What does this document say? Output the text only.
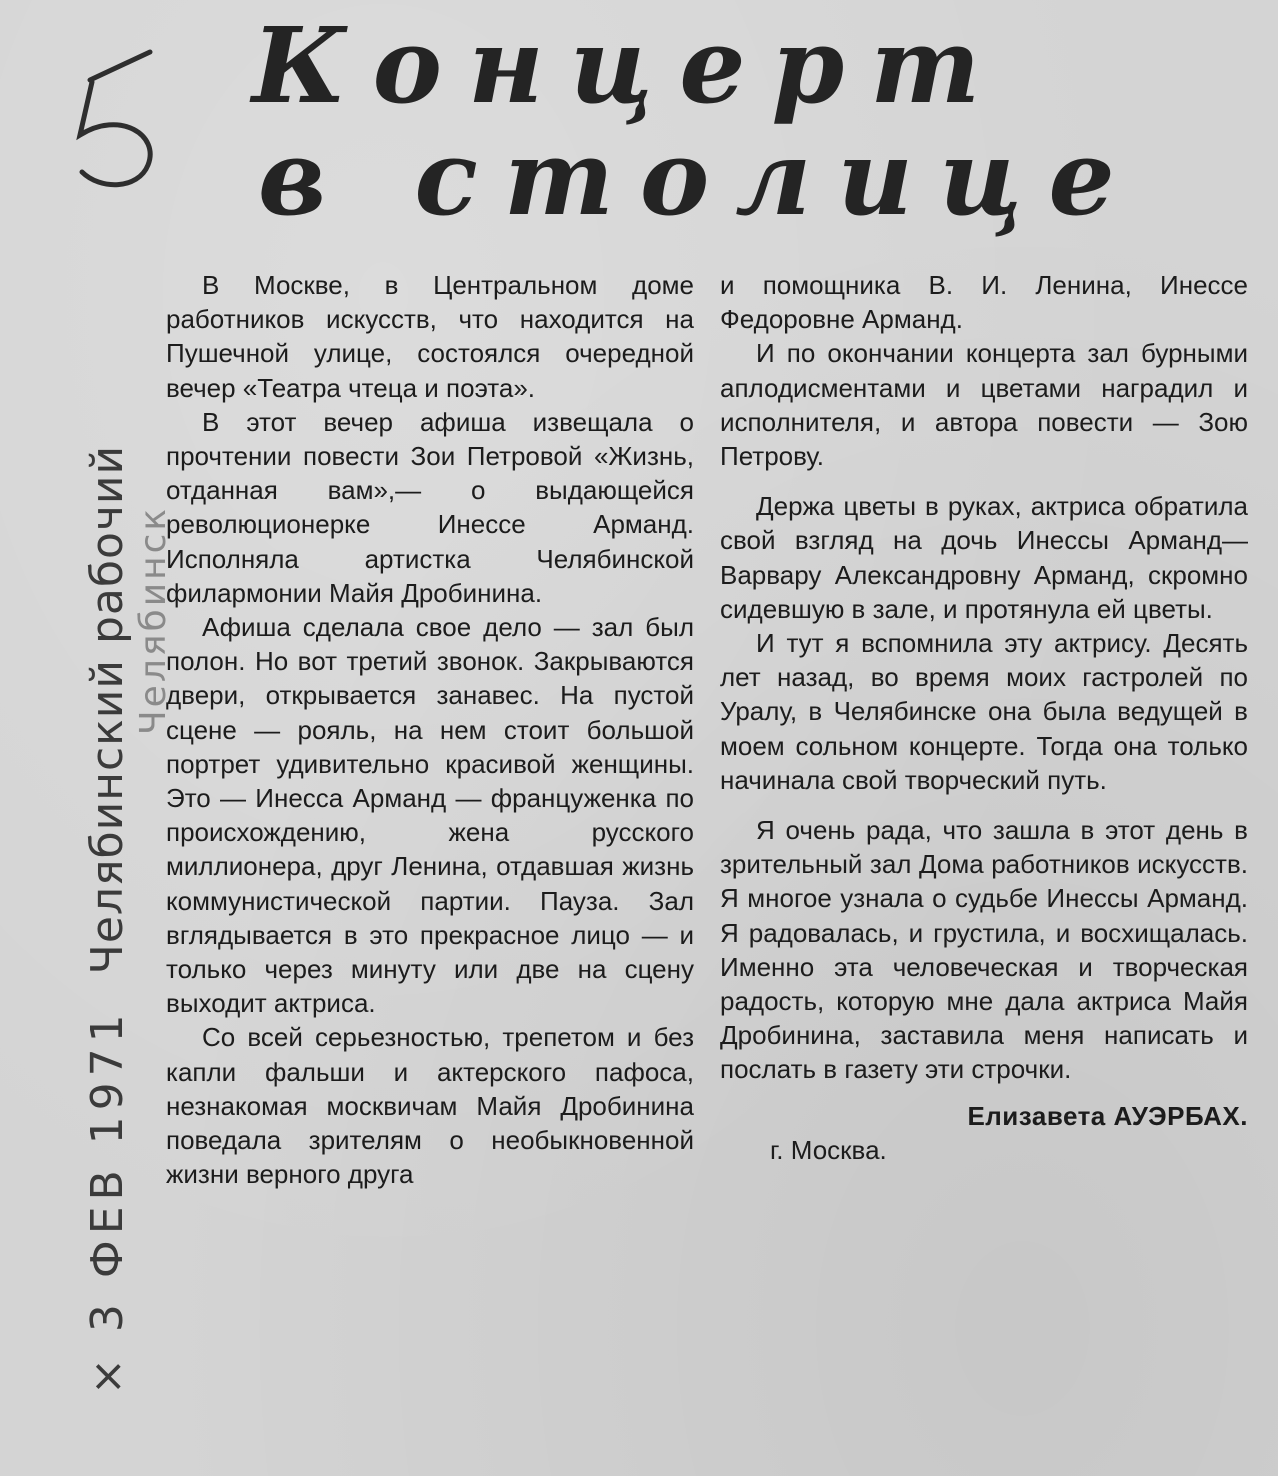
× 3 ФЕВ 1971
Челябинский рабочий Челябинск
Концерт
в столице

В Москве, в Центральном доме работников искусств, что находится на Пушечной улице, состоялся очередной вечер «Театра чтеца и поэта».

В этот вечер афиша извещала о прочтении повести Зои Петровой «Жизнь, отданная вам»,— о выдающейся революционерке Инессе Арманд. Исполняла артистка Челябинской филармонии Майя Дробинина.

Афиша сделала свое дело — зал был полон. Но вот третий звонок. Закрываются двери, открывается занавес. На пустой сцене — рояль, на нем стоит большой портрет удивительно красивой женщины. Это — Инесса Арманд — француженка по происхождению, жена русского миллионера, друг Ленина, отдавшая жизнь коммунистической партии. Пауза. Зал вглядывается в это прекрасное лицо — и только через минуту или две на сцену выходит актриса.

Со всей серьезностью, трепетом и без капли фальши и актерского пафоса, незнакомая москвичам Майя Дробинина поведала зрителям о необыкновенной жизни верного друга

и помощника В. И. Ленина, Инессе Федоровне Арманд.

И по окончании концерта зал бурными аплодисментами и цветами наградил и исполнителя, и автора повести — Зою Петрову.

Держа цветы в руках, актриса обратила свой взгляд на дочь Инессы Арманд— Варвару Александровну Арманд, скромно сидевшую в зале, и протянула ей цветы.

И тут я вспомнила эту актрису. Десять лет назад, во время моих гастролей по Уралу, в Челябинске она была ведущей в моем сольном концерте. Тогда она только начинала свой творческий путь.

Я очень рада, что зашла в этот день в зрительный зал Дома работников искусств. Я многое узнала о судьбе Инессы Арманд. Я радовалась, и грустила, и восхищалась. Именно эта человеческая и творческая радость, которую мне дала актриса Майя Дробинина, заставила меня написать и послать в газету эти строчки.

Елизавета АУЭРБАХ.

г. Москва.
